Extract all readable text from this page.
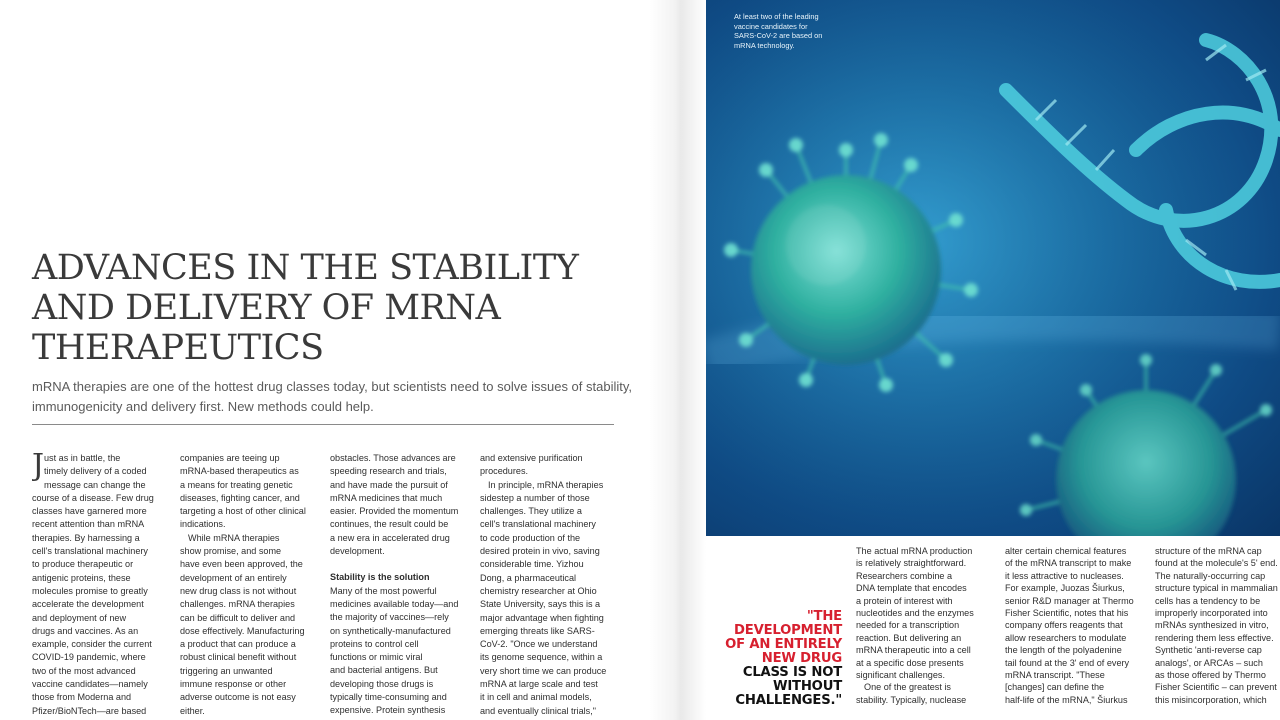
ADVANCES IN THE STABILITY
AND DELIVERY OF MRNA
THERAPEUTICS

mRNA therapies are one of the hottest drug classes today, but scientists need to solve issues of stability,
immunogenicity and delivery first. New methods could help.

J ust as in battle, the
timely delivery of a coded
message can change the
course of a disease. Few drug
classes have garnered more
recent attention than mRNA
therapies. By harnessing a
cell's translational machinery
to produce therapeutic or
antigenic proteins, these
molecules promise to greatly
accelerate the development
and deployment of new
drugs and vaccines. As an
example, consider the current
COVID-19 pandemic, where
two of the most advanced
vaccine candidates—namely
those from Moderna and
Pfizer/BioNTech—are based
companies are teeing up
mRNA-based therapeutics as
a means for treating genetic
diseases, fighting cancer, and
targeting a host of other clinical
indications.
While mRNA therapies
show promise, and some
have even been approved, the
development of an entirely
new drug class is not without
challenges. mRNA therapies
can be difficult to deliver and
dose effectively. Manufacturing
a product that can produce a
robust clinical benefit without
triggering an unwanted
immune response or other
adverse outcome is not easy
either.
obstacles. Those advances are
speeding research and trials,
and have made the pursuit of
mRNA medicines that much
easier. Provided the momentum
continues, the result could be
a new era in accelerated drug
development.
Stability is the solution
Many of the most powerful
medicines available today—and
the majority of vaccines—rely
on synthetically-manufactured
proteins to control cell
functions or mimic viral
and bacterial antigens. But
developing those drugs is
typically time-consuming and
expensive. Protein synthesis
and extensive purification
procedures.
In principle, mRNA therapies
sidestep a number of those
challenges. They utilize a
cell's translational machinery
to code production of the
desired protein in vivo, saving
considerable time. Yizhou
Dong, a pharmaceutical
chemistry researcher at Ohio
State University, says this is a
major advantage when fighting
emerging threats like SARS-
CoV-2. "Once we understand
its genome sequence, within a
very short time we can produce
mRNA at large scale and test
it in cell and animal models,
and eventually clinical trials,"
At least two of the leading
vaccine candidates for
SARS-CoV-2 are based on
mRNA technology.
"THE
DEVELOPMENT
OF AN ENTIRELY
NEW DRUG
CLASS IS NOT
WITHOUT
CHALLENGES."
The actual mRNA production
is relatively straightforward.
Researchers combine a
DNA template that encodes
a protein of interest with
nucleotides and the enzymes
needed for a transcription
reaction. But delivering an
mRNA therapeutic into a cell
at a specific dose presents
significant challenges.
One of the greatest is
stability. Typically, nuclease
alter certain chemical features
of the mRNA transcript to make
it less attractive to nucleases.
For example, Juozas Šiurkus,
senior R&D manager at Thermo
Fisher Scientific, notes that his
company offers reagents that
allow researchers to modulate
the length of the polyadenine
tail found at the 3' end of every
mRNA transcript. "These
[changes] can define the
half-life of the mRNA," Šiurkus
structure of the mRNA cap
found at the molecule's 5' end.
The naturally-occurring cap
structure typical in mammalian
cells has a tendency to be
improperly incorporated into
mRNAs synthesized in vitro,
rendering them less effective.
Synthetic 'anti-reverse cap
analogs', or ARCAs – such
as those offered by Thermo
Fisher Scientific – can prevent
this misincorporation, which
